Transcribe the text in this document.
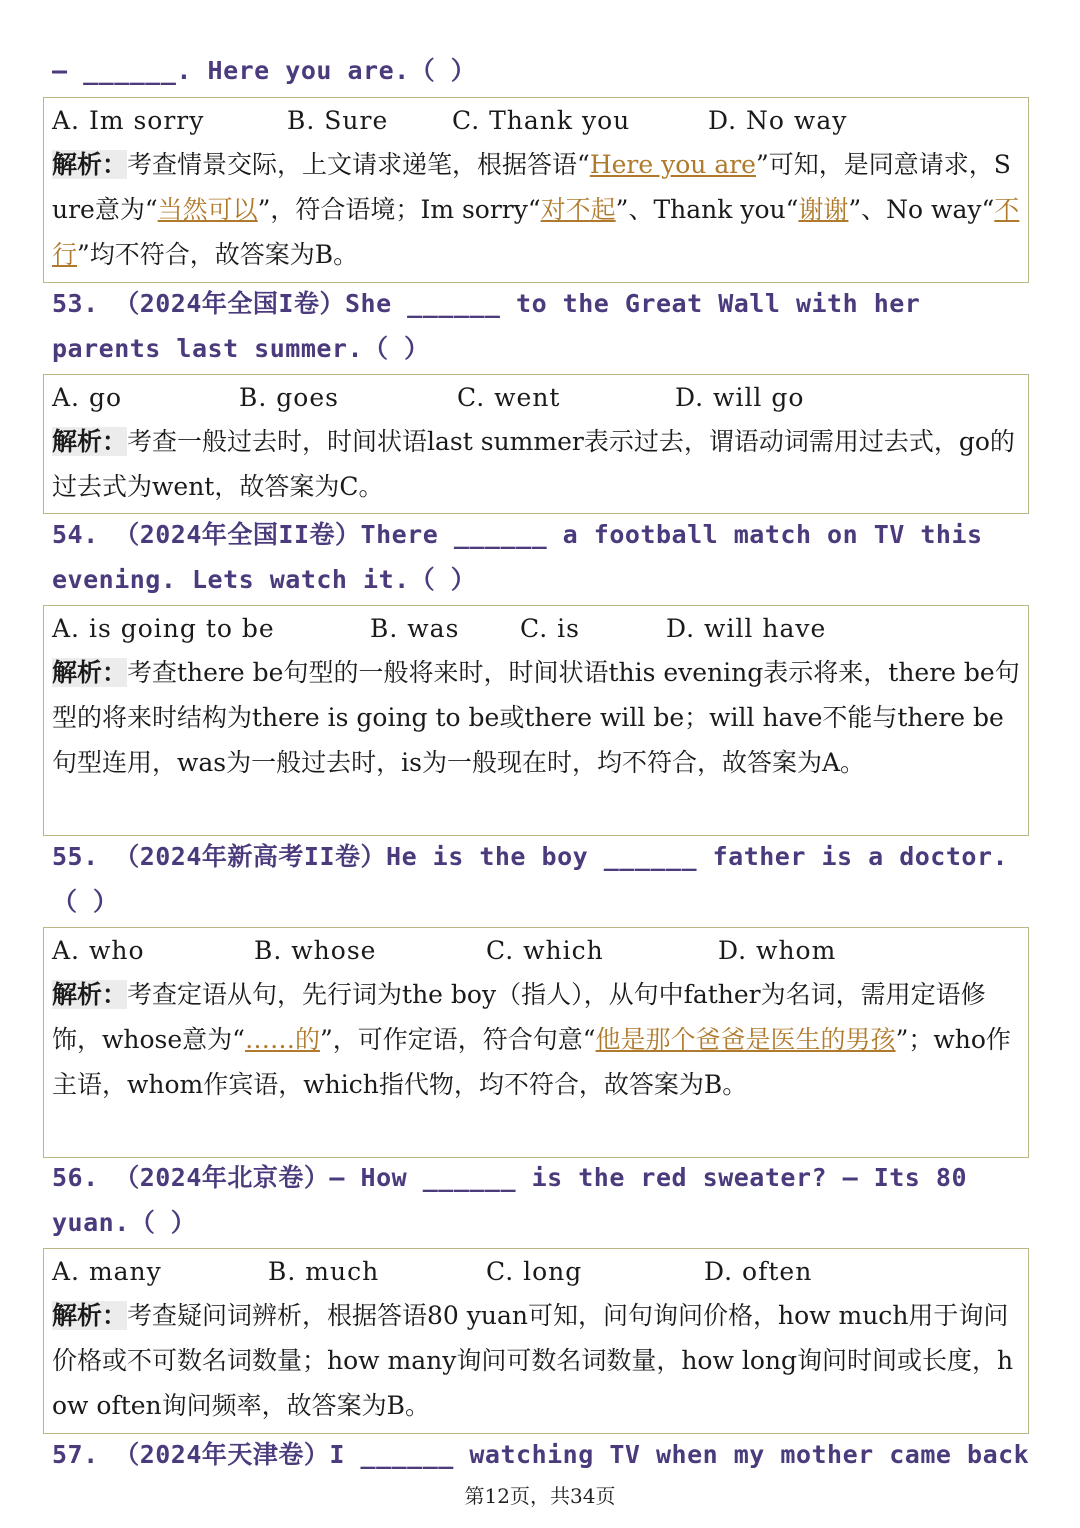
— ______. Here you are.（ ）
A. Im sorry	B. Sure	C. Thank you	D. No way
解析：考查情景交际，上文请求递笔，根据答语“Here you are”可知，是同意请求，Sure意为“当然可以”，符合语境；Im sorry“对不起”、Thank you“谢谢”、No way“不行”均不符合，故答案为B。
53. （2024年全国I卷）She ______ to the Great Wall with her parents last summer.（ ）
A. go	B. goes	C. went	D. will go
解析：考查一般过去时，时间状语last summer表示过去，谓语动词需用过去式，go的过去式为went，故答案为C。
54. （2024年全国II卷）There ______ a football match on TV this evening. Lets watch it.（ ）
A. is going to be	B. was	C. is	D. will have
解析：考查there be句型的一般将来时，时间状语this evening表示将来，there be句型的将来时结构为there is going to be或there will be；will have不能与there be句型连用，was为一般过去时，is为一般现在时，均不符合，故答案为A。
55. （2024年新高考II卷）He is the boy ______ father is a doctor.（ ）
A. who	B. whose	C. which	D. whom
解析：考查定语从句，先行词为the boy（指人），从句中father为名词，需用定语修饰，whose意为“……的”，可作定语，符合句意“他是那个爸爸是医生的男孩”；who作主语，whom作宾语，which指代物，均不符合，故答案为B。
56. （2024年北京卷）— How ______ is the red sweater? — Its 80 yuan.（ ）
A. many	B. much	C. long	D. often
解析：考查疑问词辨析，根据答语80 yuan可知，问句询问价格，how much用于询问价格或不可数名词数量；how many询问可数名词数量，how long询问时间或长度，how often询问频率，故答案为B。
57. （2024年天津卷）I ______ watching TV when my mother came back
第12页，共34页
